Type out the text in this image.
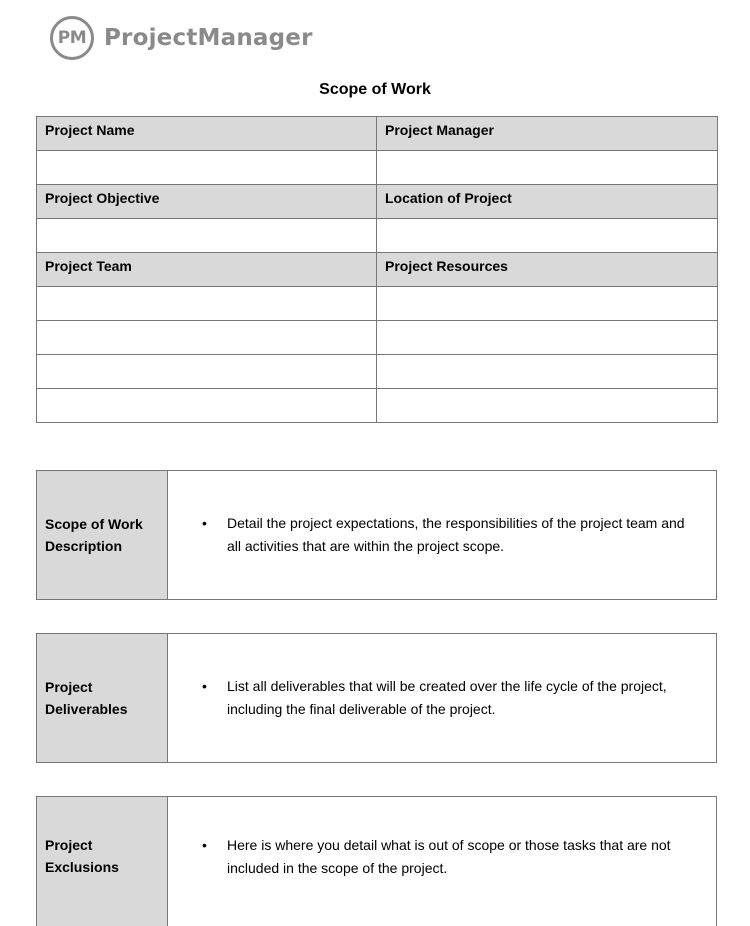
PM ProjectManager
Scope of Work
Project Name	Project Manager

Project Objective	Location of Project

Project Team	Project Resources

Scope of Work
Description
•	Detail the project expectations, the responsibilities of the project team and all activities that are within the project scope.
Project
Deliverables
•	List all deliverables that will be created over the life cycle of the project, including the final deliverable of the project.
Project
Exclusions
•	Here is where you detail what is out of scope or those tasks that are not included in the scope of the project.
